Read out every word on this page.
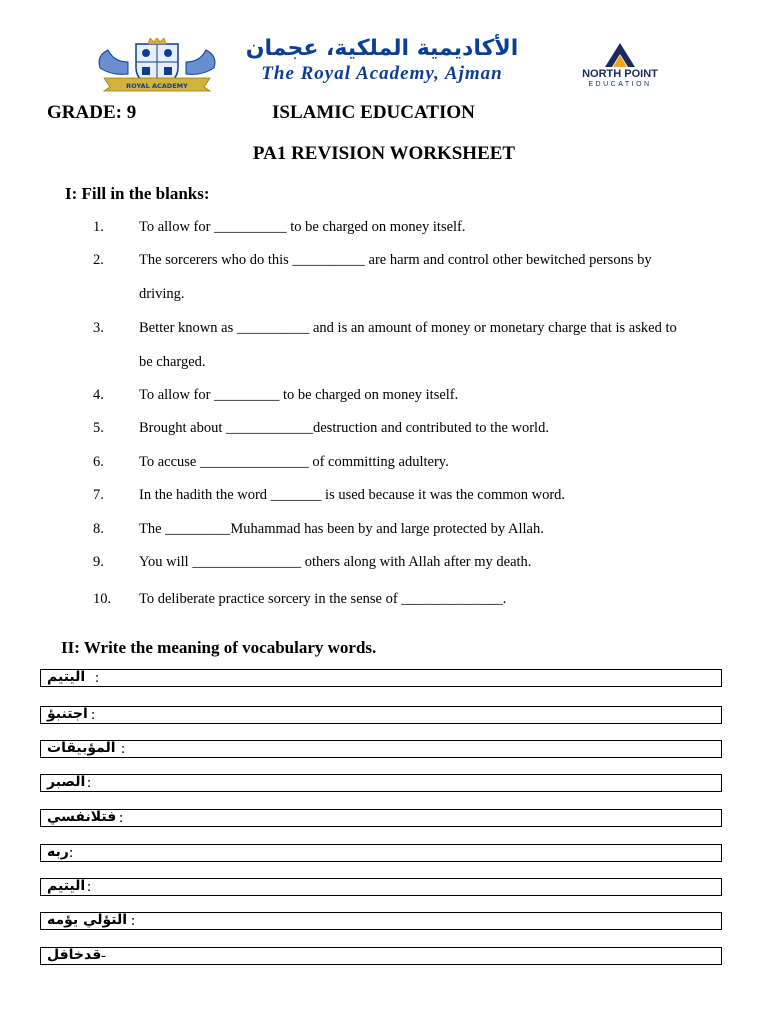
ROYAL ACADEMY
الأكاديمية الملكية، عجمان
The Royal Academy, Ajman	NORTH POINT
EDUCATION
GRADE: 9	ISLAMIC EDUCATION
PA1 REVISION WORKSHEET
I: Fill in the blanks:
1. To allow for __________ to be charged on money itself.
2. The sorcerers who do this __________ are harm and control other bewitched persons by
driving.
3. Better known as __________ and is an amount of money or monetary charge that is asked to
be charged.
4. To allow for _________ to be charged on money itself.
5. Brought about ____________destruction and contributed to the world.
6. To accuse _______________ of committing adultery.
7. In the hadith the word _______ is used because it was the common word.
8. The _________Muhammad has been by and large protected by Allah.
9. You will _______________ others along with Allah after my death.
10. To deliberate practice sorcery in the sense of ______________.
II: Write the meaning of vocabulary words.
اليتيم :
اجتنبؤ :
المؤبيقات :
الصبر :
فتلانفسي :
ربه :
اليتيم :
التؤلي يؤمه :
قدخافل -
